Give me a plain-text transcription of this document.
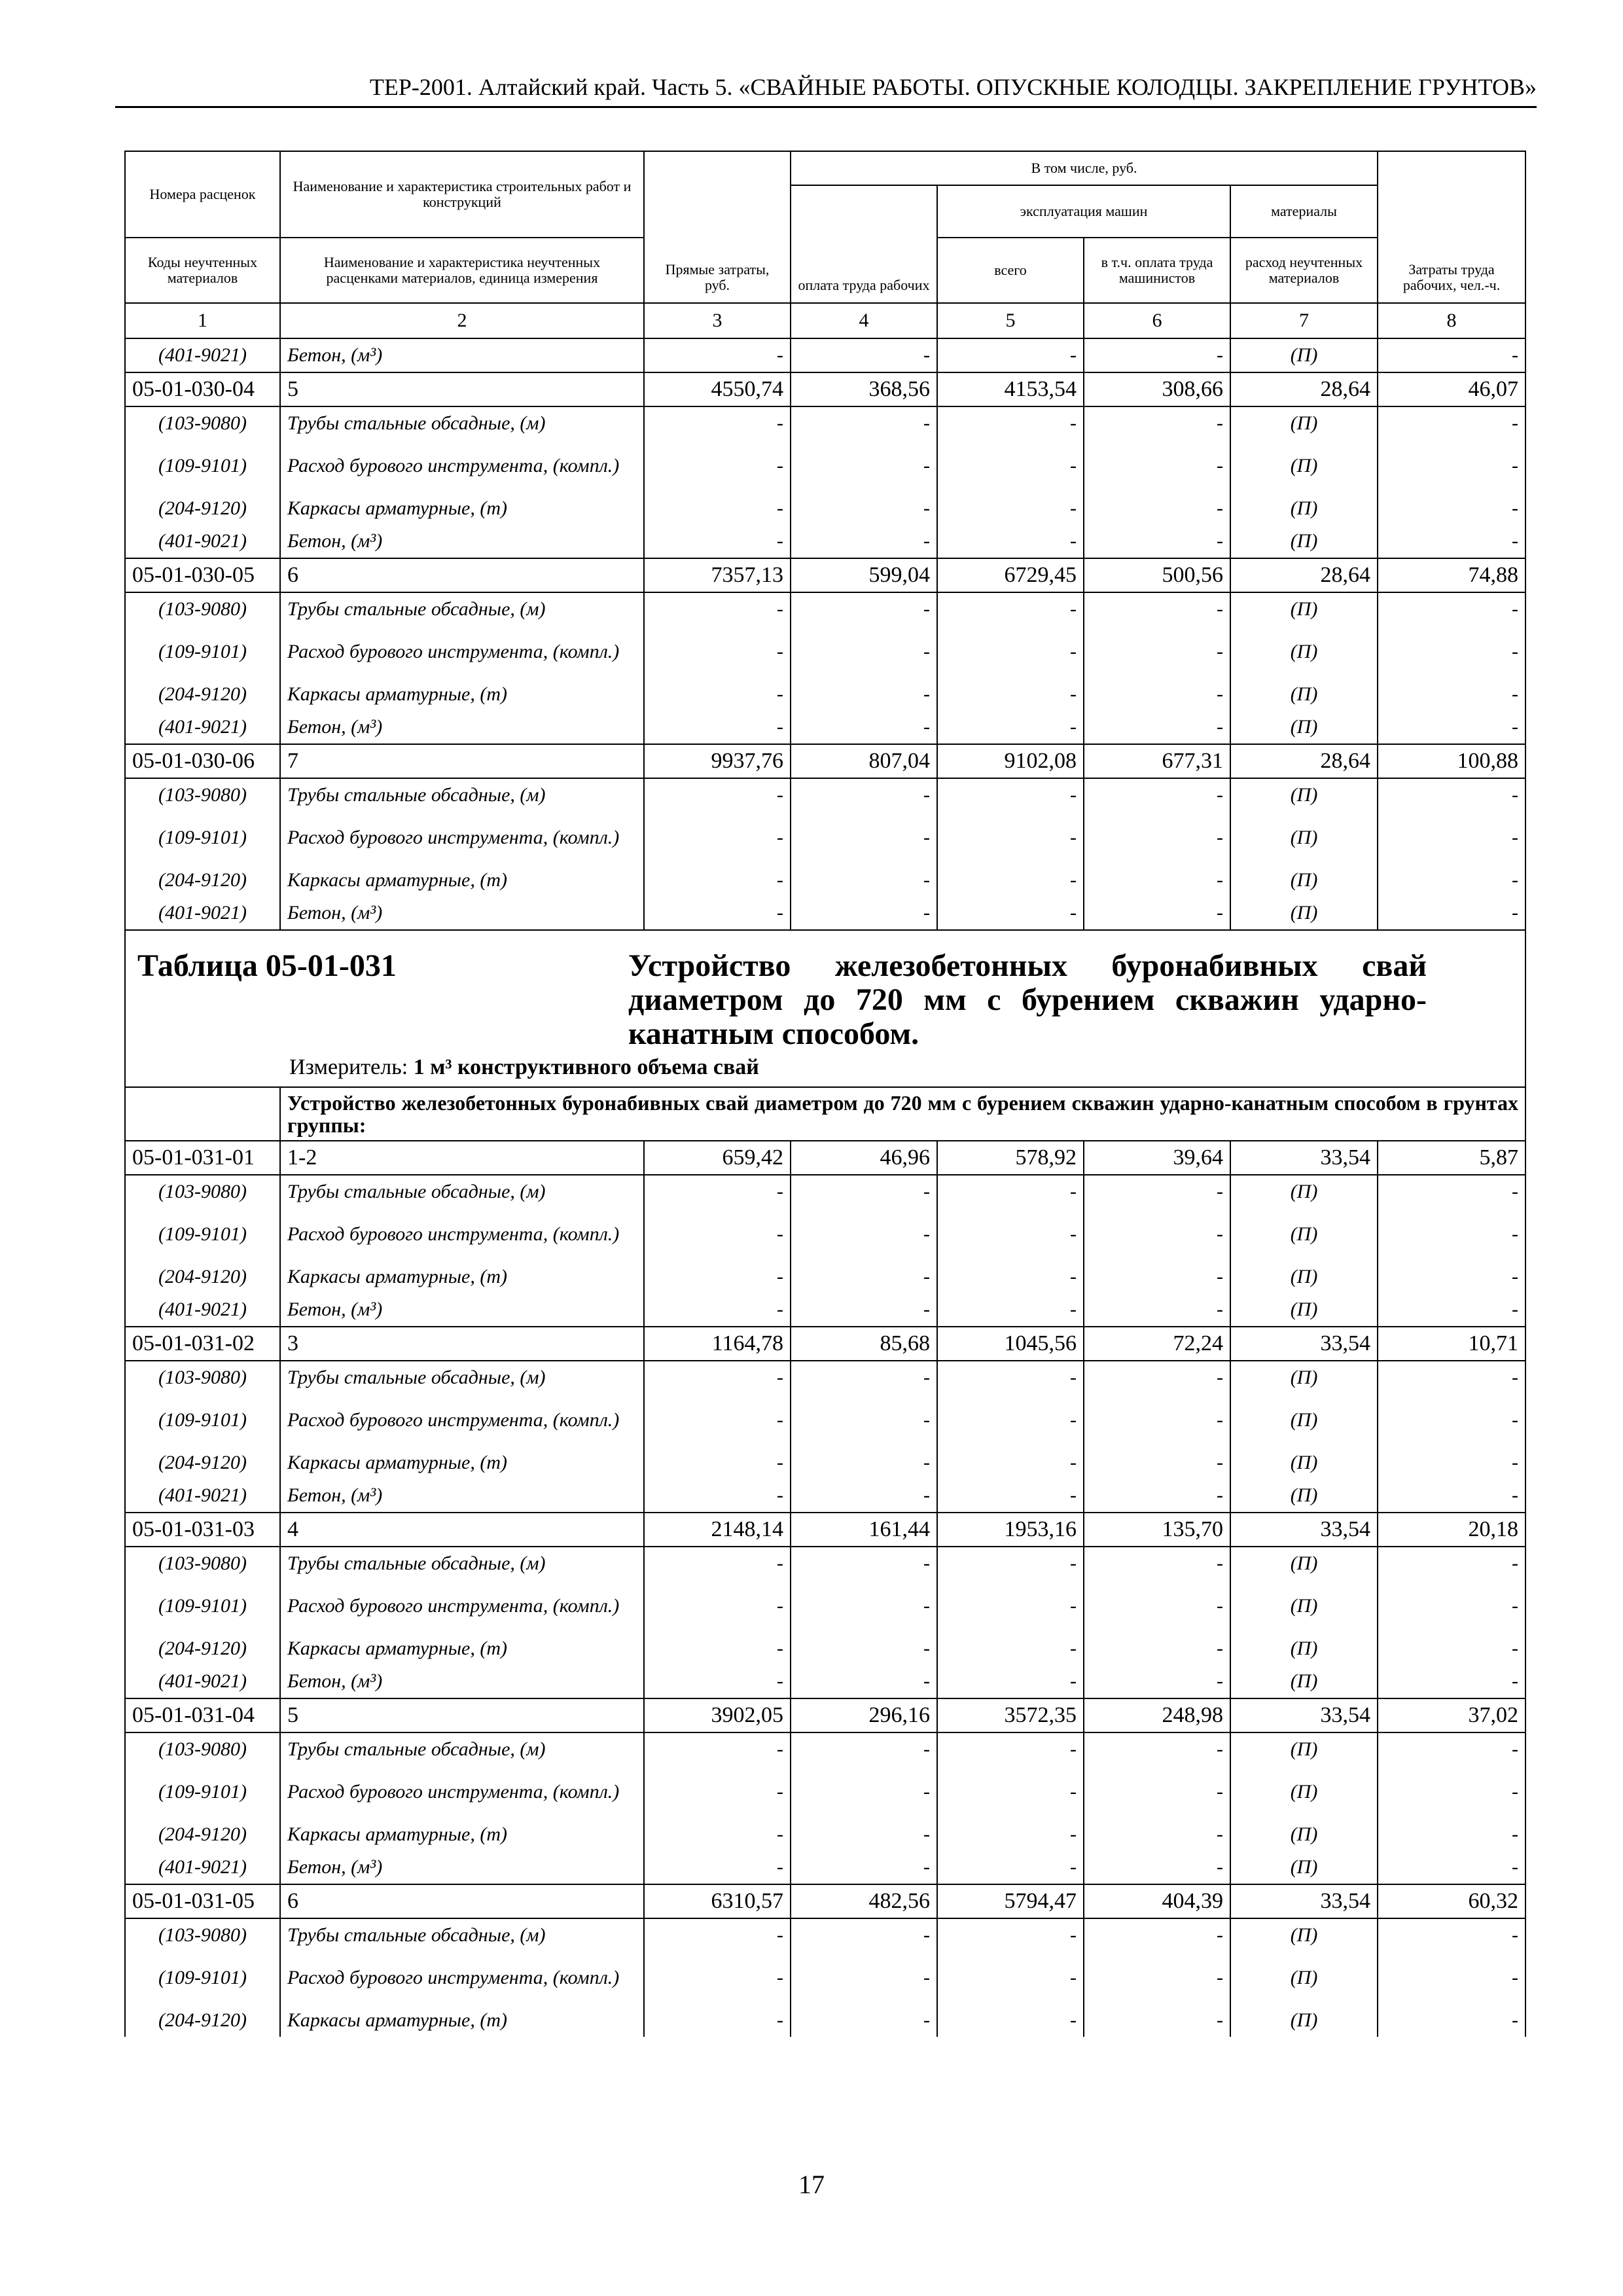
ТЕР-2001. Алтайский край. Часть 5. «СВАЙНЫЕ РАБОТЫ. ОПУСКНЫЕ КОЛОДЦЫ. ЗАКРЕПЛЕНИЕ ГРУНТОВ»
Номера расценок	Наименование и характеристика строительных работ и конструкций	Прямые затраты, руб.	В том числе, руб.				Затраты труда рабочих, чел.-ч.
			оплата труда рабочих	эксплуатация машин		материалы	
Коды неучтенных материалов	Наименование и характеристика неучтенных расценками материалов, единица измерения			всего	в т.ч. оплата труда машинистов	расход неучтенных материалов	
1	2	3	4	5	6	7	8
(401-9021)	Бетон, (м³)	-	-	-	-	(П)	-
05-01-030-04	5	4550,74	368,56	4153,54	308,66	28,64	46,07
(103-9080)	Трубы стальные обсадные, (м)	-	-	-	-	(П)	-
(109-9101)	Расход бурового инструмента, (компл.)	-	-	-	-	(П)	-
(204-9120)	Каркасы арматурные, (т)	-	-	-	-	(П)	-
(401-9021)	Бетон, (м³)	-	-	-	-	(П)	-
05-01-030-05	6	7357,13	599,04	6729,45	500,56	28,64	74,88
(103-9080)	Трубы стальные обсадные, (м)	-	-	-	-	(П)	-
(109-9101)	Расход бурового инструмента, (компл.)	-	-	-	-	(П)	-
(204-9120)	Каркасы арматурные, (т)	-	-	-	-	(П)	-
(401-9021)	Бетон, (м³)	-	-	-	-	(П)	-
05-01-030-06	7	9937,76	807,04	9102,08	677,31	28,64	100,88
(103-9080)	Трубы стальные обсадные, (м)	-	-	-	-	(П)	-
(109-9101)	Расход бурового инструмента, (компл.)	-	-	-	-	(П)	-
(204-9120)	Каркасы арматурные, (т)	-	-	-	-	(П)	-
(401-9021)	Бетон, (м³)	-	-	-	-	(П)	-

Таблица 05-01-031 Устройство железобетонных буронабивных свай диаметром до 720 мм с бурением скважин ударно-канатным способом.
Измеритель: 1 м³ конструктивного объема свай							

	Устройство железобетонных буронабивных свай диаметром до 720 мм с бурением скважин ударно-канатным способом в грунтах группы:						
05-01-031-01	1-2	659,42	46,96	578,92	39,64	33,54	5,87
(103-9080)	Трубы стальные обсадные, (м)	-	-	-	-	(П)	-
(109-9101)	Расход бурового инструмента, (компл.)	-	-	-	-	(П)	-
(204-9120)	Каркасы арматурные, (т)	-	-	-	-	(П)	-
(401-9021)	Бетон, (м³)	-	-	-	-	(П)	-
05-01-031-02	3	1164,78	85,68	1045,56	72,24	33,54	10,71
(103-9080)	Трубы стальные обсадные, (м)	-	-	-	-	(П)	-
(109-9101)	Расход бурового инструмента, (компл.)	-	-	-	-	(П)	-
(204-9120)	Каркасы арматурные, (т)	-	-	-	-	(П)	-
(401-9021)	Бетон, (м³)	-	-	-	-	(П)	-
05-01-031-03	4	2148,14	161,44	1953,16	135,70	33,54	20,18
(103-9080)	Трубы стальные обсадные, (м)	-	-	-	-	(П)	-
(109-9101)	Расход бурового инструмента, (компл.)	-	-	-	-	(П)	-
(204-9120)	Каркасы арматурные, (т)	-	-	-	-	(П)	-
(401-9021)	Бетон, (м³)	-	-	-	-	(П)	-
05-01-031-04	5	3902,05	296,16	3572,35	248,98	33,54	37,02
(103-9080)	Трубы стальные обсадные, (м)	-	-	-	-	(П)	-
(109-9101)	Расход бурового инструмента, (компл.)	-	-	-	-	(П)	-
(204-9120)	Каркасы арматурные, (т)	-	-	-	-	(П)	-
(401-9021)	Бетон, (м³)	-	-	-	-	(П)	-
05-01-031-05	6	6310,57	482,56	5794,47	404,39	33,54	60,32
(103-9080)	Трубы стальные обсадные, (м)	-	-	-	-	(П)	-
(109-9101)	Расход бурового инструмента, (компл.)	-	-	-	-	(П)	-
(204-9120)	Каркасы арматурные, (т)	-	-	-	-	(П)	-
17
